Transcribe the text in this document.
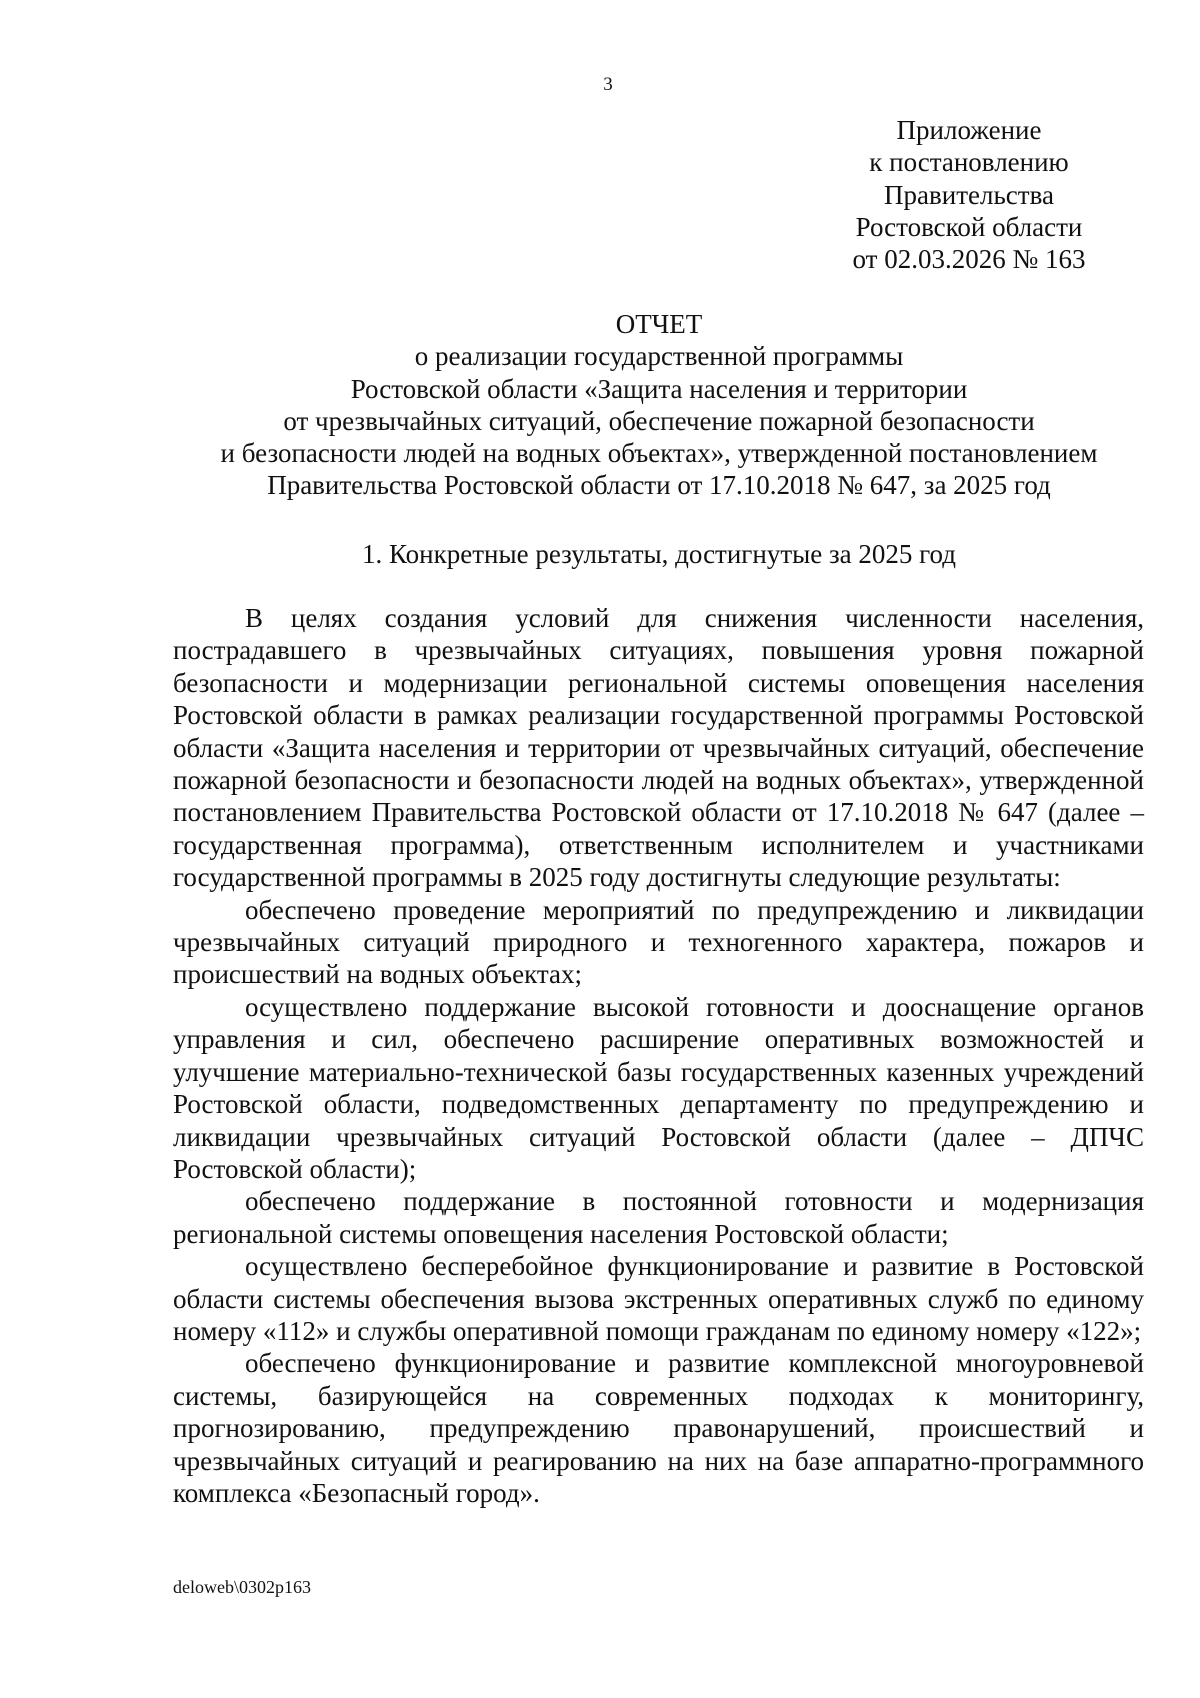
3
Приложение
к постановлению
Правительства
Ростовской области
от 02.03.2026 № 163
ОТЧЕТ
о реализации государственной программы
Ростовской области «Защита населения и территории
от чрезвычайных ситуаций, обеспечение пожарной безопасности
и безопасности людей на водных объектах», утвержденной постановлением
Правительства Ростовской области от 17.10.2018 № 647, за 2025 год
1. Конкретные результаты, достигнутые за 2025 год

В целях создания условий для снижения численности населения, пострадавшего в чрезвычайных ситуациях, повышения уровня пожарной безопасности и модернизации региональной системы оповещения населения Ростовской области в рамках реализации государственной программы Ростовской области «Защита населения и территории от чрезвычайных ситуаций, обеспечение пожарной безопасности и безопасности людей на водных объектах», утвержденной постановлением Правительства Ростовской области от 17.10.2018 № 647 (далее – государственная программа), ответственным исполнителем и участниками государственной программы в 2025 году достигнуты следующие результаты:

обеспечено проведение мероприятий по предупреждению и ликвидации чрезвычайных ситуаций природного и техногенного характера, пожаров и происшествий на водных объектах;

осуществлено поддержание высокой готовности и дооснащение органов управления и сил, обеспечено расширение оперативных возможностей и улучшение материально-технической базы государственных казенных учреждений Ростовской области, подведомственных департаменту по предупреждению и ликвидации чрезвычайных ситуаций Ростовской области (далее – ДПЧС Ростовской области);

обеспечено поддержание в постоянной готовности и модернизация региональной системы оповещения населения Ростовской области;

осуществлено бесперебойное функционирование и развитие в Ростовской области системы обеспечения вызова экстренных оперативных служб по единому номеру «112» и службы оперативной помощи гражданам по единому номеру «122»;

обеспечено функционирование и развитие комплексной многоуровневой системы, базирующейся на современных подходах к мониторингу, прогнозированию, предупреждению правонарушений, происшествий и чрезвычайных ситуаций и реагированию на них на базе аппаратно-программного комплекса «Безопасный город».

deloweb\0302p163
